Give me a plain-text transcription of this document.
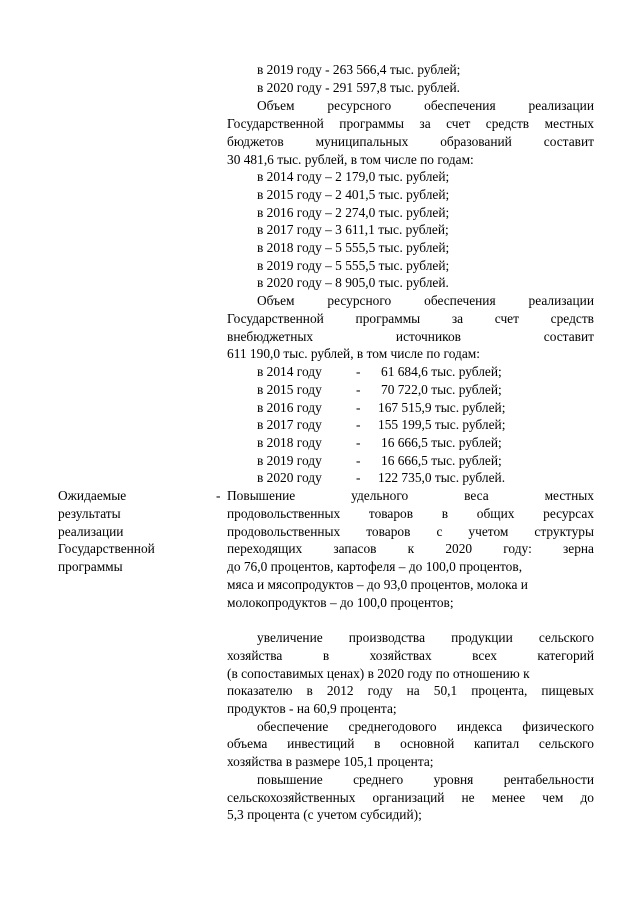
в 2019 году - 263 566,4 тыс. рублей;
в 2020 году - 291 597,8 тыс. рублей.
Объем ресурсного обеспечения реализации
Государственной программы за счет средств местных
бюджетов муниципальных образований составит
30 481,6 тыс. рублей, в том числе по годам:
в 2014 году – 2 179,0 тыс. рублей;
в 2015 году – 2 401,5 тыс. рублей;
в 2016 году – 2 274,0 тыс. рублей;
в 2017 году – 3 611,1 тыс. рублей;
в 2018 году – 5 555,5 тыс. рублей;
в 2019 году – 5 555,5 тыс. рублей;
в 2020 году – 8 905,0 тыс. рублей.
Объем ресурсного обеспечения реализации
Государственной программы за счет средств
внебюджетных источников составит
611 190,0 тыс. рублей, в том числе по годам:
в 2014 году	- 61 684,6 тыс. рублей;
в 2015 году	- 70 722,0 тыс. рублей;
в 2016 году	- 167 515,9 тыс. рублей;
в 2017 году	- 155 199,5 тыс. рублей;
в 2018 году	- 16 666,5 тыс. рублей;
в 2019 году	- 16 666,5 тыс. рублей;
в 2020 году	- 122 735,0 тыс. рублей.
Ожидаемые
результаты
реализации
Государственной
программы
- Повышение удельного веса местных
продовольственных товаров в общих ресурсах
продовольственных товаров с учетом структуры
переходящих запасов к 2020 году: зерна
до 76,0 процентов, картофеля – до 100,0 процентов,
мяса и мясопродуктов – до 93,0 процентов, молока и
молокопродуктов – до 100,0 процентов;
увеличение производства продукции сельского
хозяйства в хозяйствах всех категорий
(в сопоставимых ценах) в 2020 году по отношению к
показателю в 2012 году на 50,1 процента, пищевых
продуктов - на 60,9 процента;
обеспечение среднегодового индекса физического
объема инвестиций в основной капитал сельского
хозяйства в размере 105,1 процента;
повышение среднего уровня рентабельности
сельскохозяйственных организаций не менее чем до
5,3 процента (с учетом субсидий);
